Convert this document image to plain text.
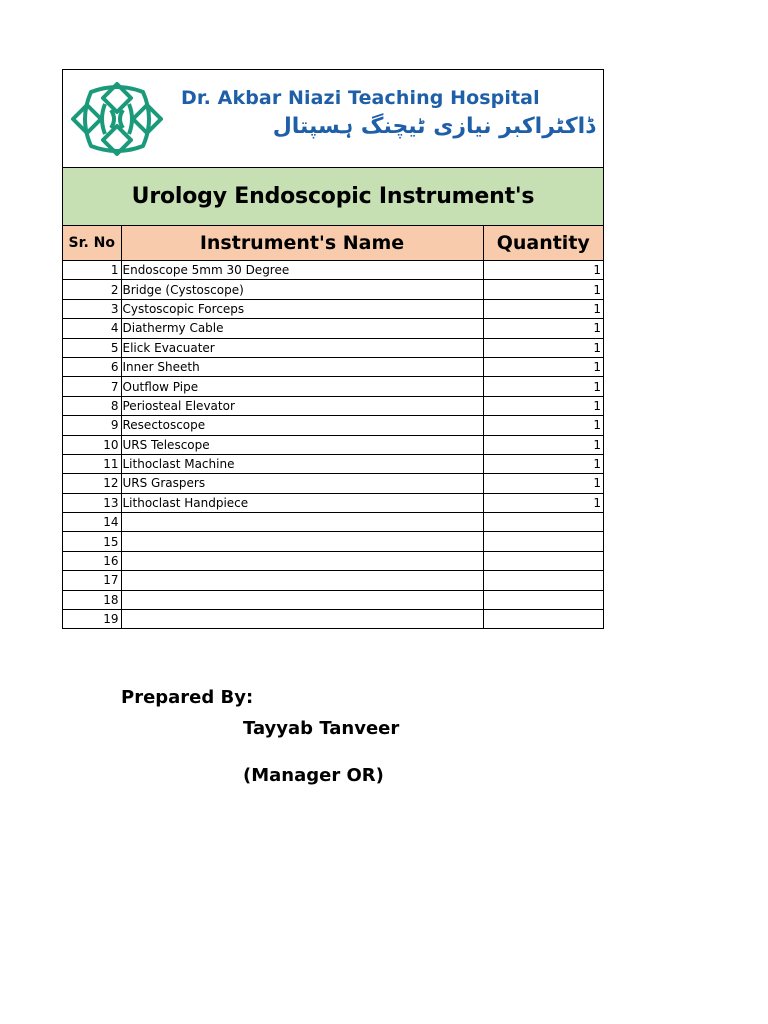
Dr. Akbar Niazi Teaching Hospital
ڈاکٹراکبر نیازی ٹیچنگ ہسپتال
Urology Endoscopic Instrument's
Sr. No	Instrument's Name	Quantity
1	Endoscope 5mm 30 Degree	1
2	Bridge (Cystoscope)	1
3	Cystoscopic Forceps	1
4	Diathermy Cable	1
5	Elick Evacuater	1
6	Inner Sheeth	1
7	Outflow Pipe	1
8	Periosteal Elevator	1
9	Resectoscope	1
10	URS Telescope	1
11	Lithoclast Machine	1
12	URS Graspers	1
13	Lithoclast Handpiece	1
14		
15		
16		
17		
18		
19		
Prepared By:
Tayyab Tanveer
(Manager OR)
